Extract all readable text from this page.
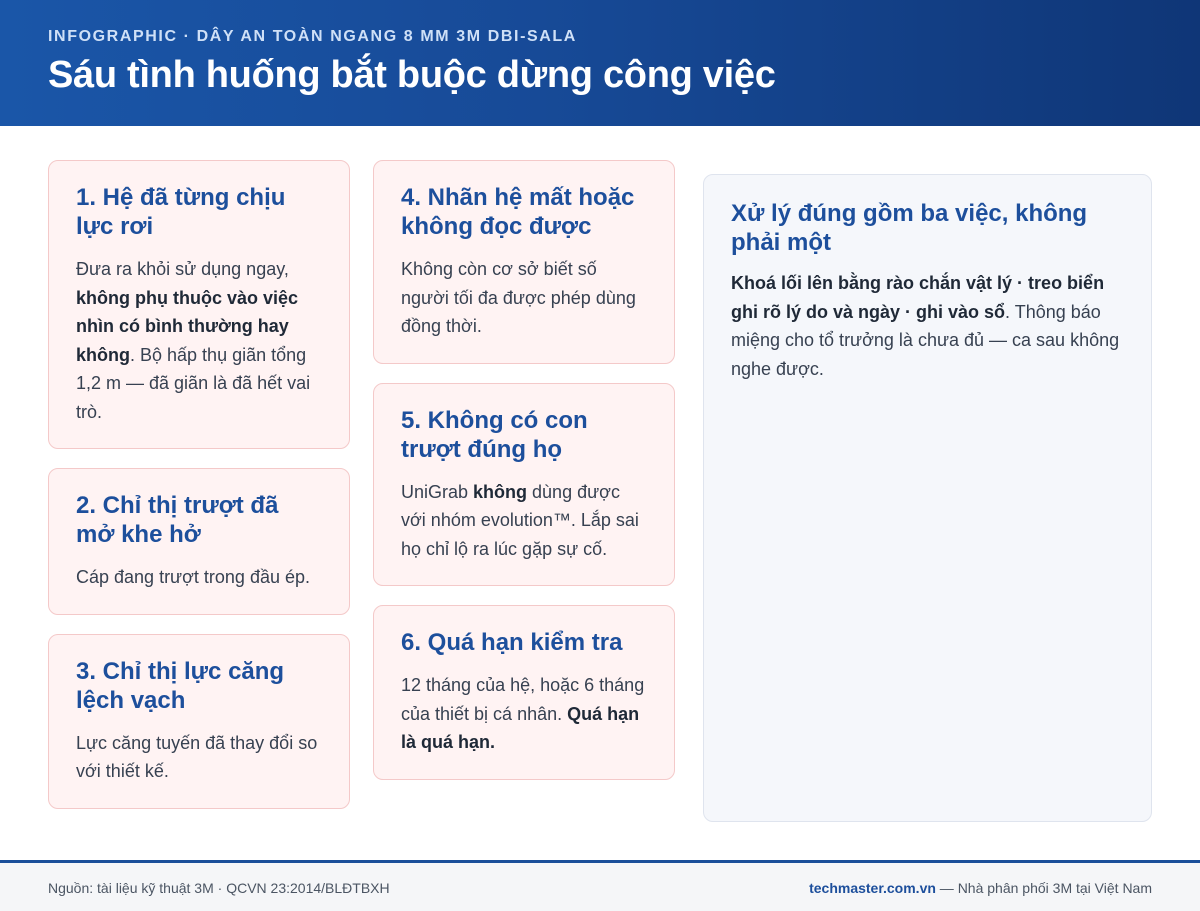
INFOGRAPHIC · DÂY AN TOÀN NGANG 8 MM 3M DBI-SALA
Sáu tình huống bắt buộc dừng công việc
1. Hệ đã từng chịu lực rơi

Đưa ra khỏi sử dụng ngay, không phụ thuộc vào việc nhìn có bình thường hay không. Bộ hấp thụ giãn tổng 1,2 m — đã giãn là đã hết vai trò.

2. Chỉ thị trượt đã mở khe hở

Cáp đang trượt trong đầu ép.

3. Chỉ thị lực căng lệch vạch

Lực căng tuyến đã thay đổi so với thiết kế.

4. Nhãn hệ mất hoặc không đọc được

Không còn cơ sở biết số người tối đa được phép dùng đồng thời.

5. Không có con trượt đúng họ

UniGrab không dùng được với nhóm evolution™. Lắp sai họ chỉ lộ ra lúc gặp sự cố.

6. Quá hạn kiểm tra

12 tháng của hệ, hoặc 6 tháng của thiết bị cá nhân. Quá hạn là quá hạn.

Xử lý đúng gồm ba việc, không phải một

Khoá lối lên bằng rào chắn vật lý · treo biển ghi rõ lý do và ngày · ghi vào sổ. Thông báo miệng cho tổ trưởng là chưa đủ — ca sau không nghe được.

Nguồn: tài liệu kỹ thuật 3M · QCVN 23:2014/BLĐTBXH	techmaster.com.vn — Nhà phân phối 3M tại Việt Nam
